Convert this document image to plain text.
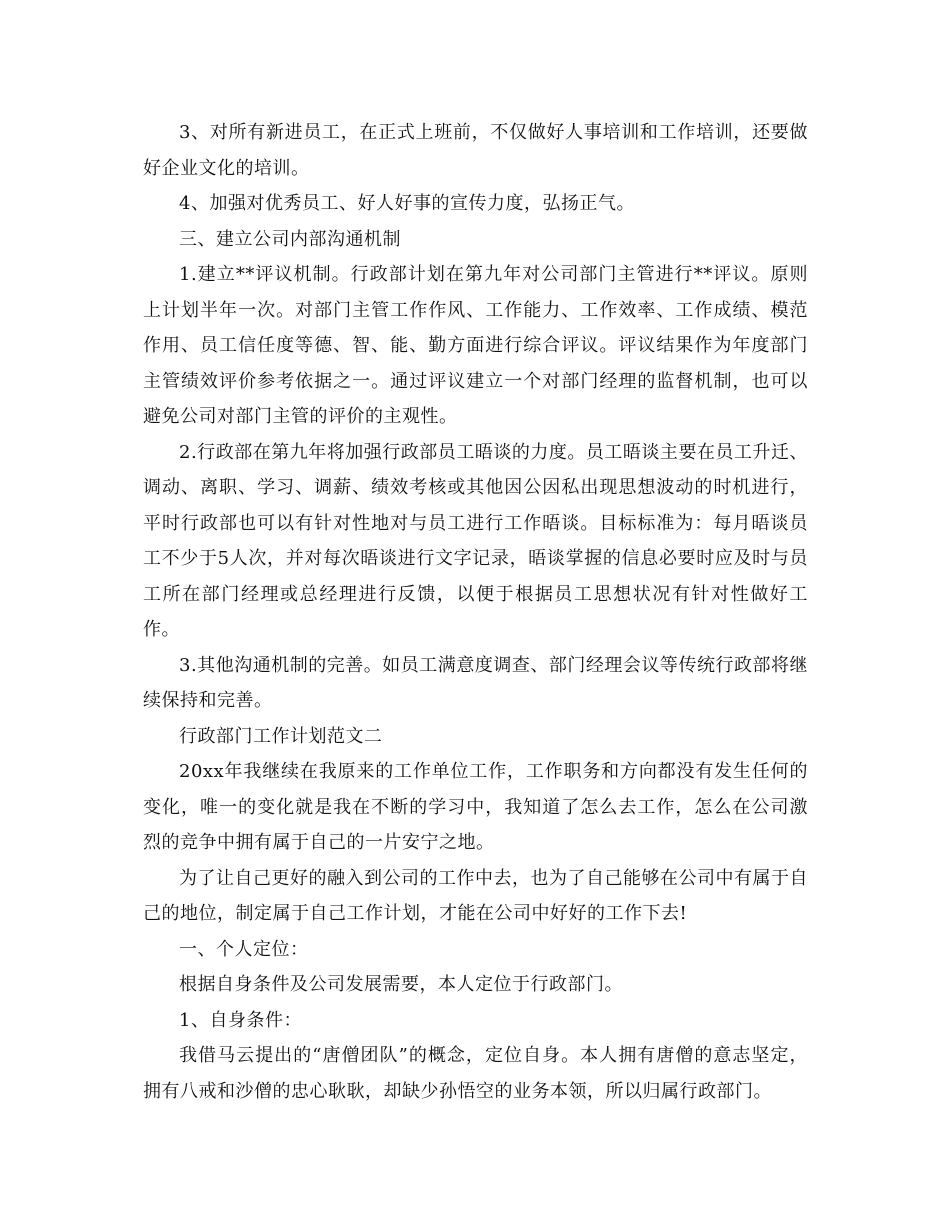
3、对所有新进员工，在正式上班前，不仅做好人事培训和工作培训，还要做好企业文化的培训。

4、加强对优秀员工、好人好事的宣传力度，弘扬正气。

三、建立公司内部沟通机制

1.建立**评议机制。行政部计划在第九年对公司部门主管进行**评议。原则上计划半年一次。对部门主管工作作风、工作能力、工作效率、工作成绩、模范作用、员工信任度等德、智、能、勤方面进行综合评议。评议结果作为年度部门主管绩效评价参考依据之一。通过评议建立一个对部门经理的监督机制，也可以避免公司对部门主管的评价的主观性。

2.行政部在第九年将加强行政部员工晤谈的力度。员工晤谈主要在员工升迁、调动、离职、学习、调薪、绩效考核或其他因公因私出现思想波动的时机进行，平时行政部也可以有针对性地对与员工进行工作晤谈。目标标准为：每月晤谈员工不少于5人次，并对每次晤谈进行文字记录，晤谈掌握的信息必要时应及时与员工所在部门经理或总经理进行反馈，以便于根据员工思想状况有针对性做好工作。

3.其他沟通机制的完善。如员工满意度调查、部门经理会议等传统行政部将继续保持和完善。

行政部门工作计划范文二

20xx年我继续在我原来的工作单位工作，工作职务和方向都没有发生任何的变化，唯一的变化就是我在不断的学习中，我知道了怎么去工作，怎么在公司激烈的竞争中拥有属于自己的一片安宁之地。

为了让自己更好的融入到公司的工作中去，也为了自己能够在公司中有属于自己的地位，制定属于自己工作计划，才能在公司中好好的工作下去!

一、个人定位：

根据自身条件及公司发展需要，本人定位于行政部门。

1、自身条件：

我借马云提出的“唐僧团队”的概念，定位自身。本人拥有唐僧的意志坚定，拥有八戒和沙僧的忠心耿耿，却缺少孙悟空的业务本领，所以归属行政部门。
